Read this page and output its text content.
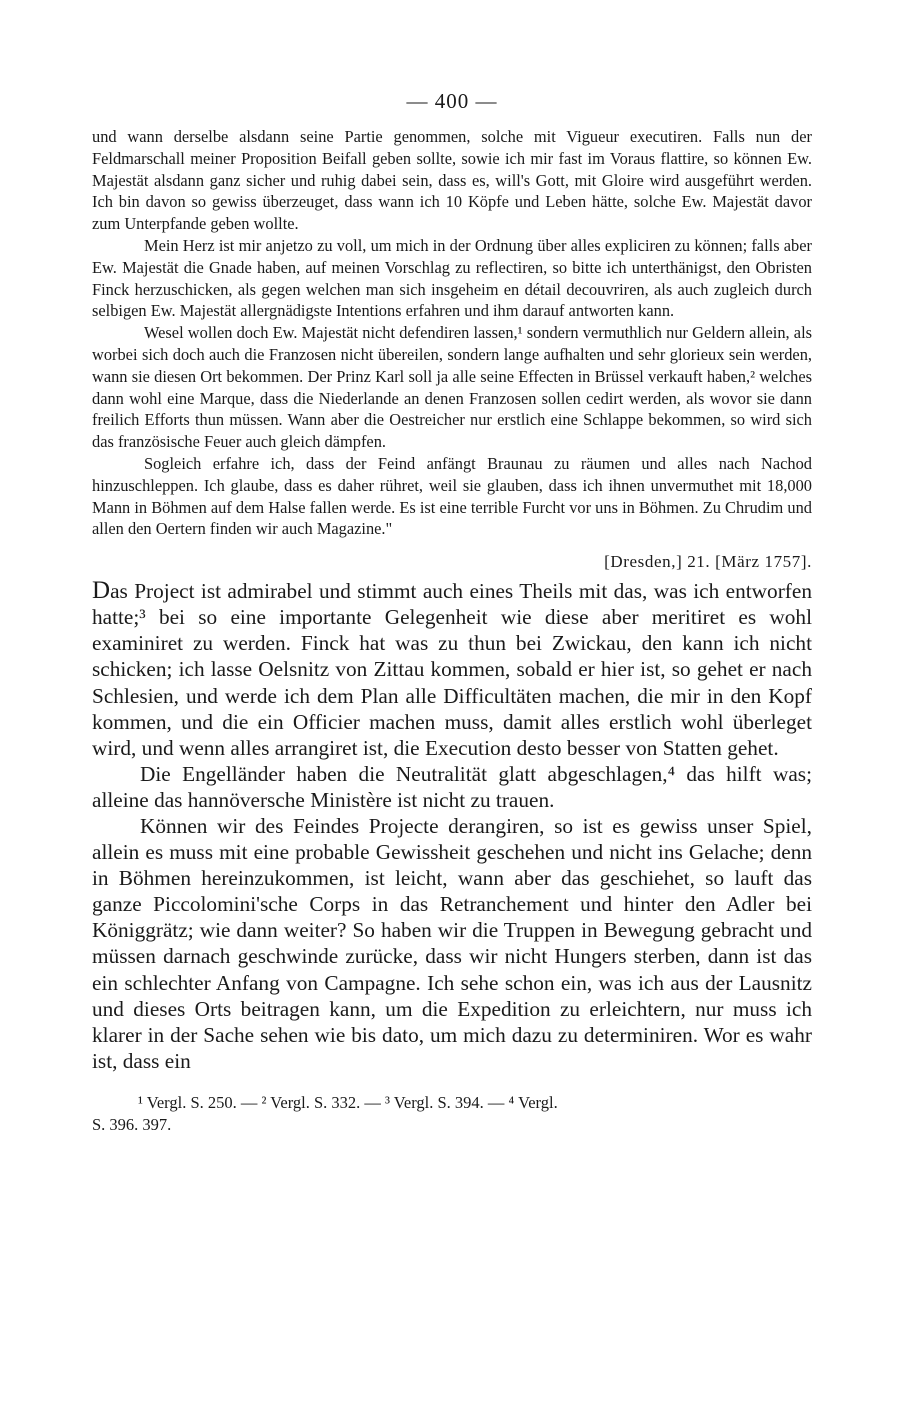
— 400 —

und wann derselbe alsdann seine Partie genommen, solche mit Vigueur executiren. Falls nun der Feldmarschall meiner Proposition Beifall geben sollte, sowie ich mir fast im Voraus flattire, so können Ew. Majestät alsdann ganz sicher und ruhig dabei sein, dass es, will's Gott, mit Gloire wird ausgeführt werden. Ich bin davon so gewiss überzeuget, dass wann ich 10 Köpfe und Leben hätte, solche Ew. Majestät davor zum Unterpfande geben wollte.

Mein Herz ist mir anjetzo zu voll, um mich in der Ordnung über alles expliciren zu können; falls aber Ew. Majestät die Gnade haben, auf meinen Vorschlag zu reflectiren, so bitte ich unterthänigst, den Obristen Finck herzuschicken, als gegen welchen man sich insgeheim en détail decouvriren, als auch zugleich durch selbigen Ew. Majestät allergnädigste Intentions erfahren und ihm darauf antworten kann.

Wesel wollen doch Ew. Majestät nicht defendiren lassen,¹ sondern vermuthlich nur Geldern allein, als worbei sich doch auch die Franzosen nicht übereilen, sondern lange aufhalten und sehr glorieux sein werden, wann sie diesen Ort bekommen. Der Prinz Karl soll ja alle seine Effecten in Brüssel verkauft haben,² welches dann wohl eine Marque, dass die Niederlande an denen Franzosen sollen cedirt werden, als wovor sie dann freilich Efforts thun müssen. Wann aber die Oestreicher nur erstlich eine Schlappe bekommen, so wird sich das französische Feuer auch gleich dämpfen.

Sogleich erfahre ich, dass der Feind anfängt Braunau zu räumen und alles nach Nachod hinzuschleppen. Ich glaube, dass es daher rühret, weil sie glauben, dass ich ihnen unvermuthet mit 18,000 Mann in Böhmen auf dem Halse fallen werde. Es ist eine terrible Furcht vor uns in Böhmen. Zu Chrudim und allen den Oertern finden wir auch Magazine."

[Dresden,] 21. [März 1757].

Das Project ist admirabel und stimmt auch eines Theils mit das, was ich entworfen hatte;³ bei so eine importante Gelegenheit wie diese aber meritiret es wohl examiniret zu werden. Finck hat was zu thun bei Zwickau, den kann ich nicht schicken; ich lasse Oelsnitz von Zittau kommen, sobald er hier ist, so gehet er nach Schlesien, und werde ich dem Plan alle Difficultäten machen, die mir in den Kopf kommen, und die ein Officier machen muss, damit alles erstlich wohl überleget wird, und wenn alles arrangiret ist, die Execution desto besser von Statten gehet.

Die Engelländer haben die Neutralität glatt abgeschlagen,⁴ das hilft was; alleine das hannöversche Ministère ist nicht zu trauen.

Können wir des Feindes Projecte derangiren, so ist es gewiss unser Spiel, allein es muss mit eine probable Gewissheit geschehen und nicht ins Gelache; denn in Böhmen hereinzukommen, ist leicht, wann aber das geschiehet, so lauft das ganze Piccolomini'sche Corps in das Retranchement und hinter den Adler bei Königgrätz; wie dann weiter? So haben wir die Truppen in Bewegung gebracht und müssen darnach geschwinde zurücke, dass wir nicht Hungers sterben, dann ist das ein schlechter Anfang von Campagne. Ich sehe schon ein, was ich aus der Lausnitz und dieses Orts beitragen kann, um die Expedition zu erleichtern, nur muss ich klarer in der Sache sehen wie bis dato, um mich dazu zu determiniren. Wor es wahr ist, dass ein

¹ Vergl. S. 250. — ² Vergl. S. 332. — ³ Vergl. S. 394. — ⁴ Vergl.
S. 396. 397.
